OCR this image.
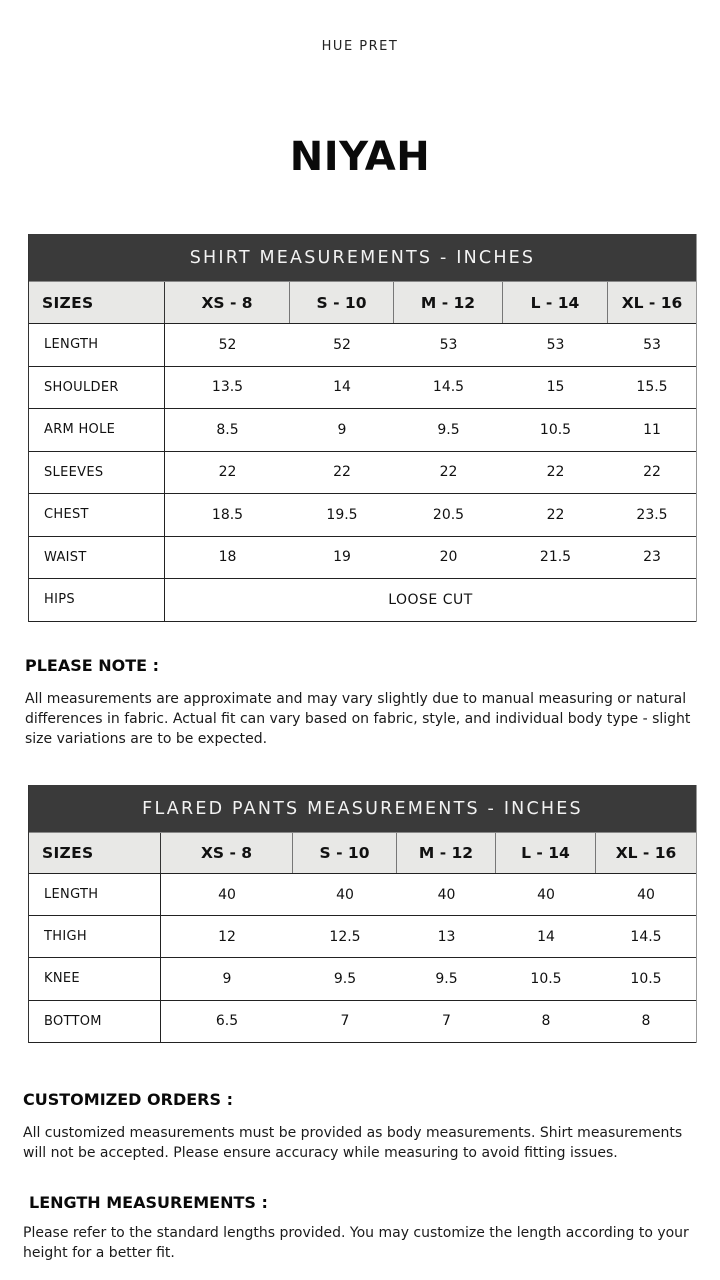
HUE PRET
NIYAH
SHIRT MEASUREMENTS - INCHES
SIZES	XS - 8	S - 10	M - 12	L - 14	XL - 16
LENGTH	52	52	53	53	53
SHOULDER	13.5	14	14.5	15	15.5
ARM HOLE	8.5	9	9.5	10.5	11
SLEEVES	22	22	22	22	22
CHEST	18.5	19.5	20.5	22	23.5
WAIST	18	19	20	21.5	23
HIPS	LOOSE CUT
PLEASE NOTE :
All measurements are approximate and may vary slightly due to manual measuring or natural differences in fabric. Actual fit can vary based on fabric, style, and individual body type - slight size variations are to be expected.
FLARED PANTS MEASUREMENTS - INCHES
SIZES	XS - 8	S - 10	M - 12	L - 14	XL - 16
LENGTH	40	40	40	40	40
THIGH	12	12.5	13	14	14.5
KNEE	9	9.5	9.5	10.5	10.5
BOTTOM	6.5	7	7	8	8
CUSTOMIZED ORDERS :
All customized measurements must be provided as body measurements. Shirt measurements will not be accepted. Please ensure accuracy while measuring to avoid fitting issues.
LENGTH MEASUREMENTS :
Please refer to the standard lengths provided. You may customize the length according to your height for a better fit.
